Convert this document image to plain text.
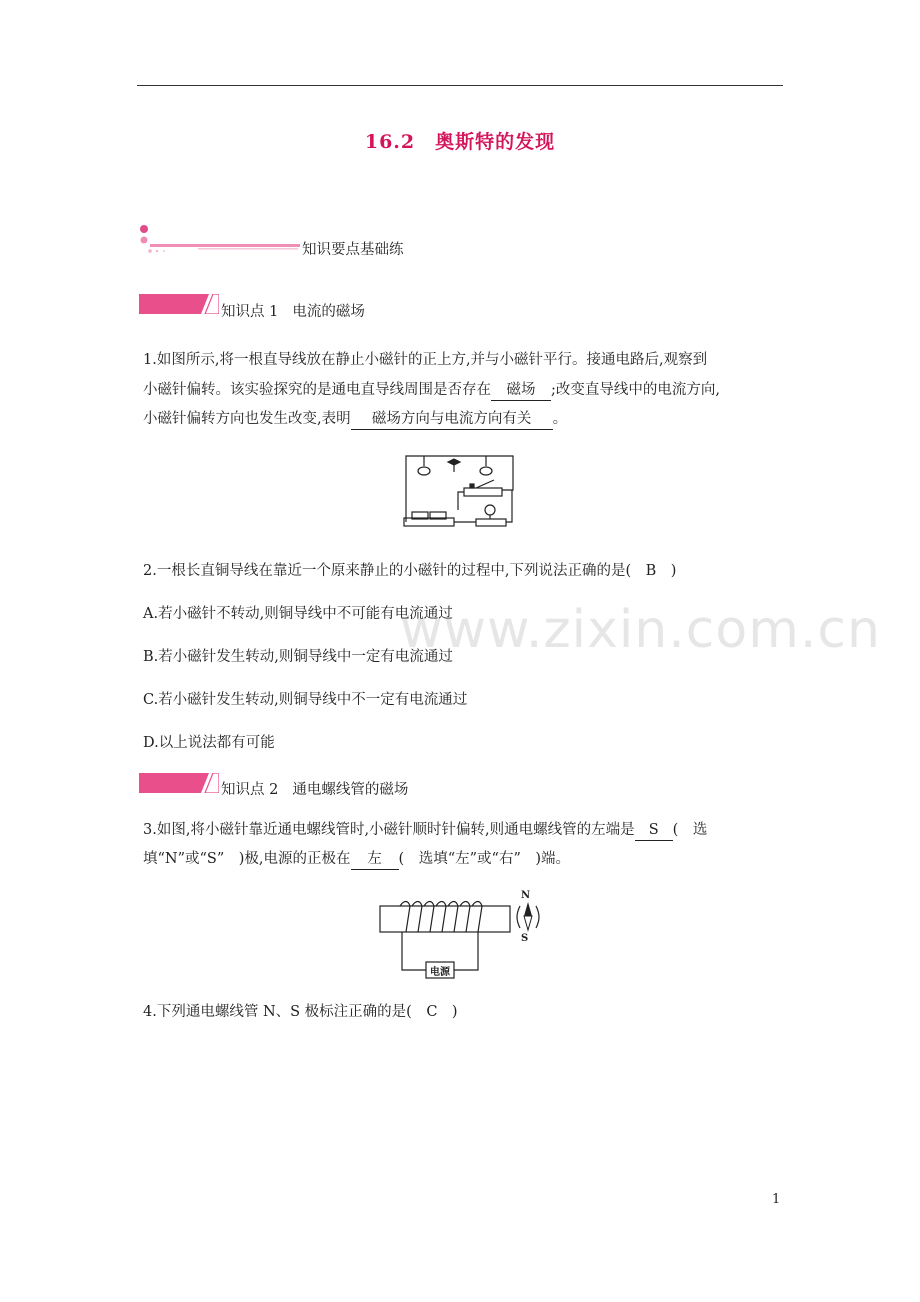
16.2　奥斯特的发现
知识要点基础练
知识点 1 电流的磁场
1.如图所示,将一根直导线放在静止小磁针的正上方,并与小磁针平行。接通电路后,观察到
小磁针偏转。该实验探究的是通电直导线周围是否存在 磁场 ;改变直导线中的电流方向,
小磁针偏转方向也发生改变,表明 磁场方向与电流方向有关 。
2.一根长直铜导线在靠近一个原来静止的小磁针的过程中,下列说法正确的是(　B　)
A.若小磁针不转动,则铜导线中不可能有电流通过
B.若小磁针发生转动,则铜导线中一定有电流通过
C.若小磁针发生转动,则铜导线中不一定有电流通过
D.以上说法都有可能
知识点 2 通电螺线管的磁场
3.如图,将小磁针靠近通电螺线管时,小磁针顺时针偏转,则通电螺线管的左端是 S (　选
填“N”或“S”　)极,电源的正极在 左 (　选填“左”或“右”　)端。
N
S
电源
4.下列通电螺线管 N、S 极标注正确的是(　C　)
www.zixin.com.cn
1
